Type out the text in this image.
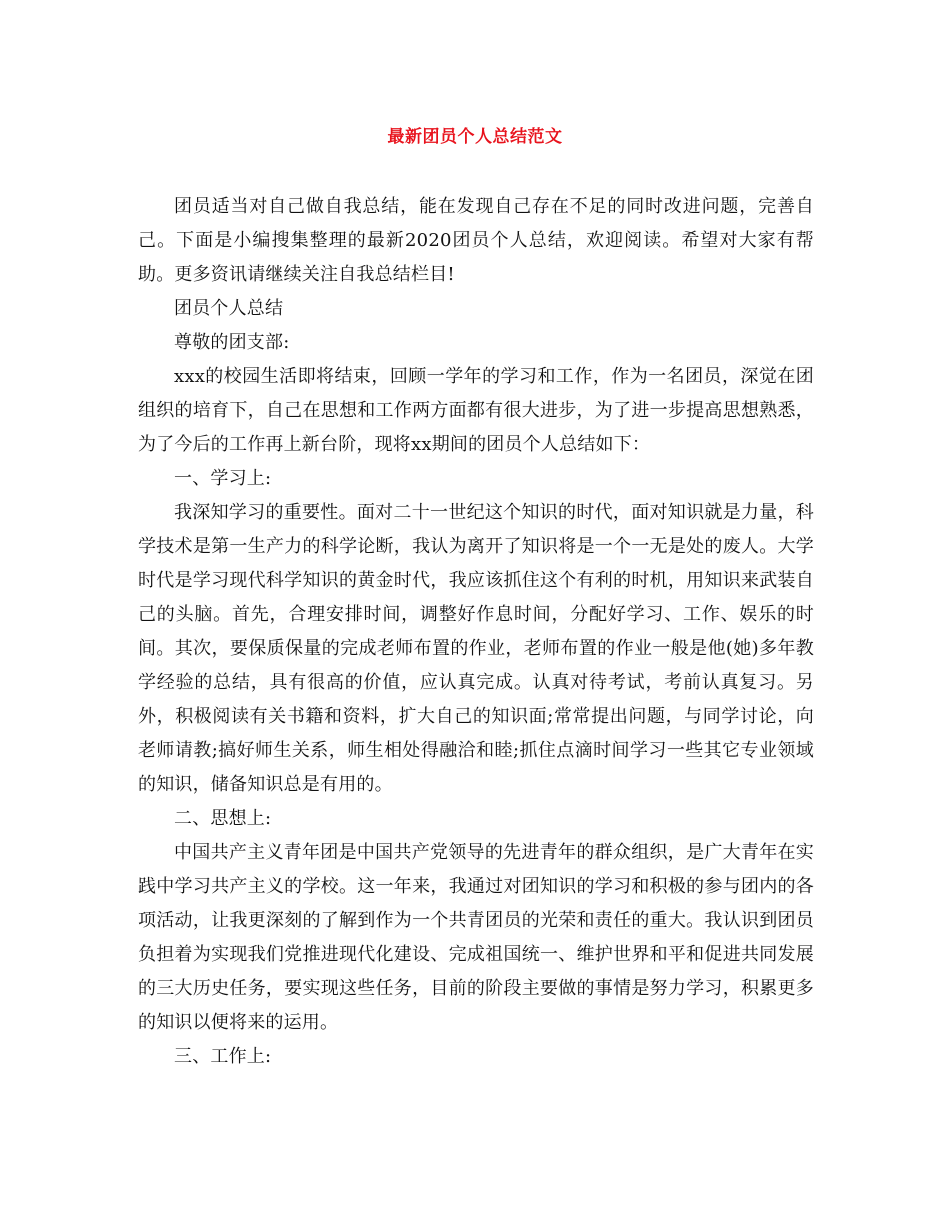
最新团员个人总结范文

团员适当对自己做自我总结，能在发现自己存在不足的同时改进问题，完善自己。下面是小编搜集整理的最新2020团员个人总结，欢迎阅读。希望对大家有帮助。更多资讯请继续关注自我总结栏目!

团员个人总结

尊敬的团支部:

xxx的校园生活即将结束，回顾一学年的学习和工作，作为一名团员，深觉在团组织的培育下，自己在思想和工作两方面都有很大进步，为了进一步提高思想熟悉，为了今后的工作再上新台阶，现将xx期间的团员个人总结如下：

一、学习上:

我深知学习的重要性。面对二十一世纪这个知识的时代，面对知识就是力量，科学技术是第一生产力的科学论断，我认为离开了知识将是一个一无是处的废人。大学时代是学习现代科学知识的黄金时代，我应该抓住这个有利的时机，用知识来武装自己的头脑。首先，合理安排时间，调整好作息时间，分配好学习、工作、娱乐的时间。其次，要保质保量的完成老师布置的作业，老师布置的作业一般是他(她)多年教学经验的总结，具有很高的价值，应认真完成。认真对待考试，考前认真复习。另外，积极阅读有关书籍和资料，扩大自己的知识面;常常提出问题，与同学讨论，向老师请教;搞好师生关系，师生相处得融洽和睦;抓住点滴时间学习一些其它专业领域的知识，储备知识总是有用的。

二、思想上:

中国共产主义青年团是中国共产党领导的先进青年的群众组织，是广大青年在实践中学习共产主义的学校。这一年来，我通过对团知识的学习和积极的参与团内的各项活动，让我更深刻的了解到作为一个共青团员的光荣和责任的重大。我认识到团员负担着为实现我们党推进现代化建设、完成祖国统一、维护世界和平和促进共同发展的三大历史任务，要实现这些任务，目前的阶段主要做的事情是努力学习，积累更多的知识以便将来的运用。

三、工作上:
